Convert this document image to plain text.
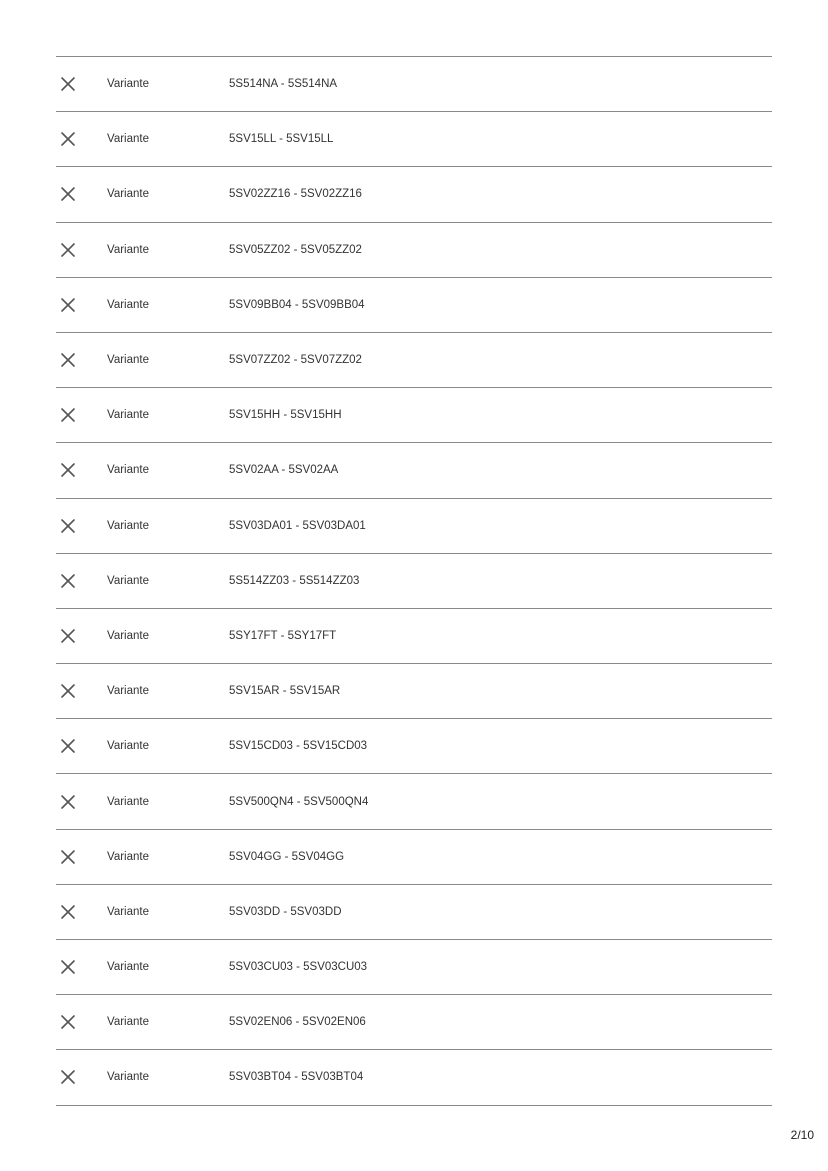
Variante	5S514NA - 5S514NA
Variante	5SV15LL - 5SV15LL
Variante	5SV02ZZ16 - 5SV02ZZ16
Variante	5SV05ZZ02 - 5SV05ZZ02
Variante	5SV09BB04 - 5SV09BB04
Variante	5SV07ZZ02 - 5SV07ZZ02
Variante	5SV15HH - 5SV15HH
Variante	5SV02AA - 5SV02AA
Variante	5SV03DA01 - 5SV03DA01
Variante	5S514ZZ03 - 5S514ZZ03
Variante	5SY17FT - 5SY17FT
Variante	5SV15AR - 5SV15AR
Variante	5SV15CD03 - 5SV15CD03
Variante	5SV500QN4 - 5SV500QN4
Variante	5SV04GG - 5SV04GG
Variante	5SV03DD - 5SV03DD
Variante	5SV03CU03 - 5SV03CU03
Variante	5SV02EN06 - 5SV02EN06
Variante	5SV03BT04 - 5SV03BT04
2/10
